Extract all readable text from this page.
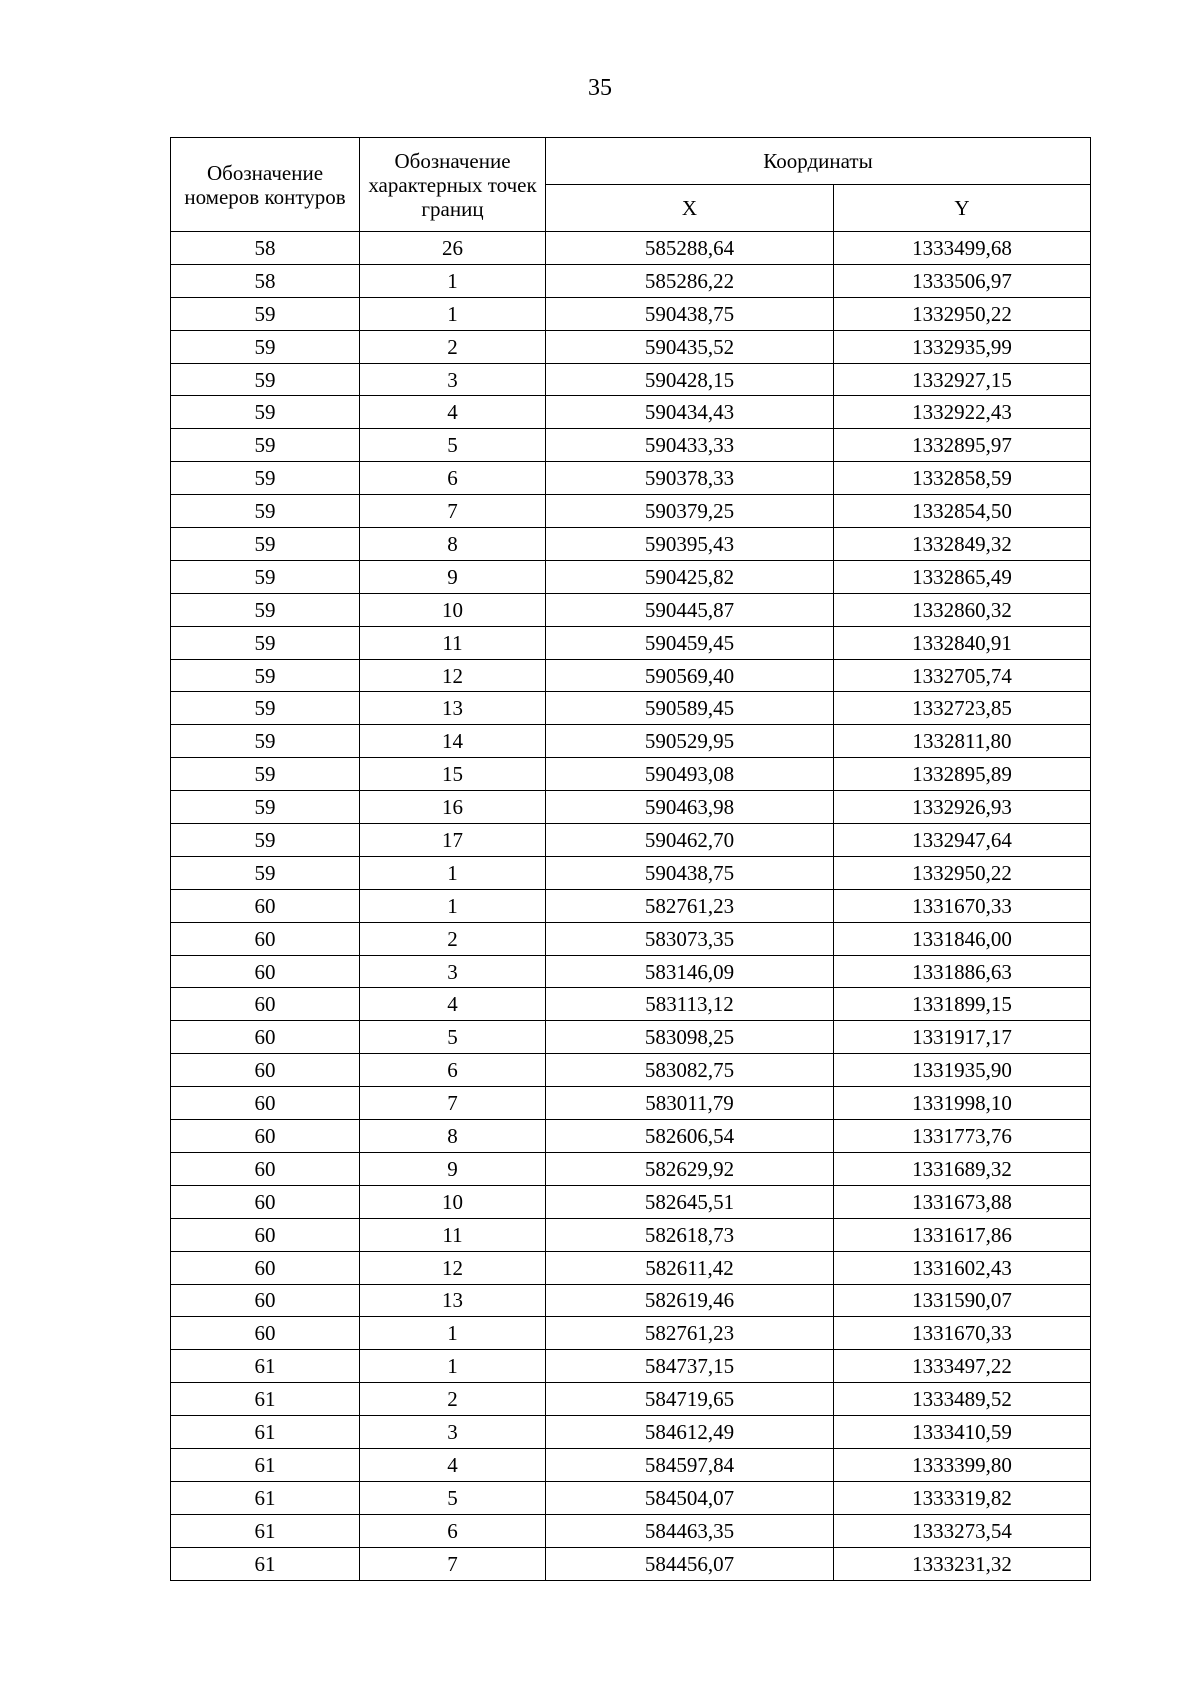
35
Обозначение номеров контуров	Обозначение характерных точек границ	Координаты	
		X	Y
58	26	585288,64	1333499,68
58	1	585286,22	1333506,97
59	1	590438,75	1332950,22
59	2	590435,52	1332935,99
59	3	590428,15	1332927,15
59	4	590434,43	1332922,43
59	5	590433,33	1332895,97
59	6	590378,33	1332858,59
59	7	590379,25	1332854,50
59	8	590395,43	1332849,32
59	9	590425,82	1332865,49
59	10	590445,87	1332860,32
59	11	590459,45	1332840,91
59	12	590569,40	1332705,74
59	13	590589,45	1332723,85
59	14	590529,95	1332811,80
59	15	590493,08	1332895,89
59	16	590463,98	1332926,93
59	17	590462,70	1332947,64
59	1	590438,75	1332950,22
60	1	582761,23	1331670,33
60	2	583073,35	1331846,00
60	3	583146,09	1331886,63
60	4	583113,12	1331899,15
60	5	583098,25	1331917,17
60	6	583082,75	1331935,90
60	7	583011,79	1331998,10
60	8	582606,54	1331773,76
60	9	582629,92	1331689,32
60	10	582645,51	1331673,88
60	11	582618,73	1331617,86
60	12	582611,42	1331602,43
60	13	582619,46	1331590,07
60	1	582761,23	1331670,33
61	1	584737,15	1333497,22
61	2	584719,65	1333489,52
61	3	584612,49	1333410,59
61	4	584597,84	1333399,80
61	5	584504,07	1333319,82
61	6	584463,35	1333273,54
61	7	584456,07	1333231,32
